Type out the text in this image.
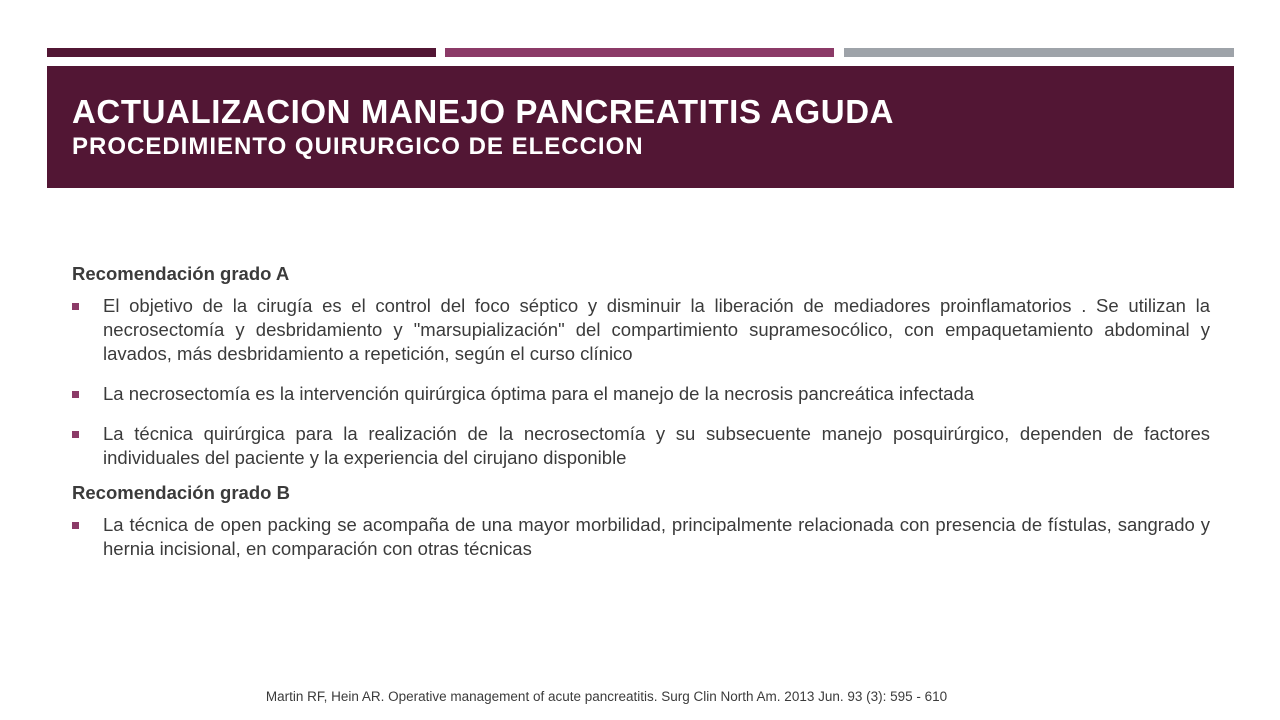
ACTUALIZACION MANEJO PANCREATITIS AGUDA
PROCEDIMIENTO QUIRURGICO DE ELECCION
Recomendación grado A
El objetivo de la cirugía es el control del foco séptico y disminuir la liberación de mediadores proinflamatorios . Se utilizan la necrosectomía y desbridamiento y "marsupialización" del compartimiento supramesocólico, con empaquetamiento abdominal y lavados, más desbridamiento a repetición, según el curso clínico
La necrosectomía es la intervención quirúrgica óptima para el manejo de la necrosis pancreática infectada
La técnica quirúrgica para la realización de la necrosectomía y su subsecuente manejo posquirúrgico, dependen de factores individuales del paciente y la experiencia del cirujano disponible
Recomendación grado B
La técnica de open packing se acompaña de una mayor morbilidad, principalmente relacionada con presencia de fístulas, sangrado y hernia incisional, en comparación con otras técnicas
Martin RF, Hein AR. Operative management of acute pancreatitis. Surg Clin North Am. 2013 Jun. 93 (3): 595 - 610
